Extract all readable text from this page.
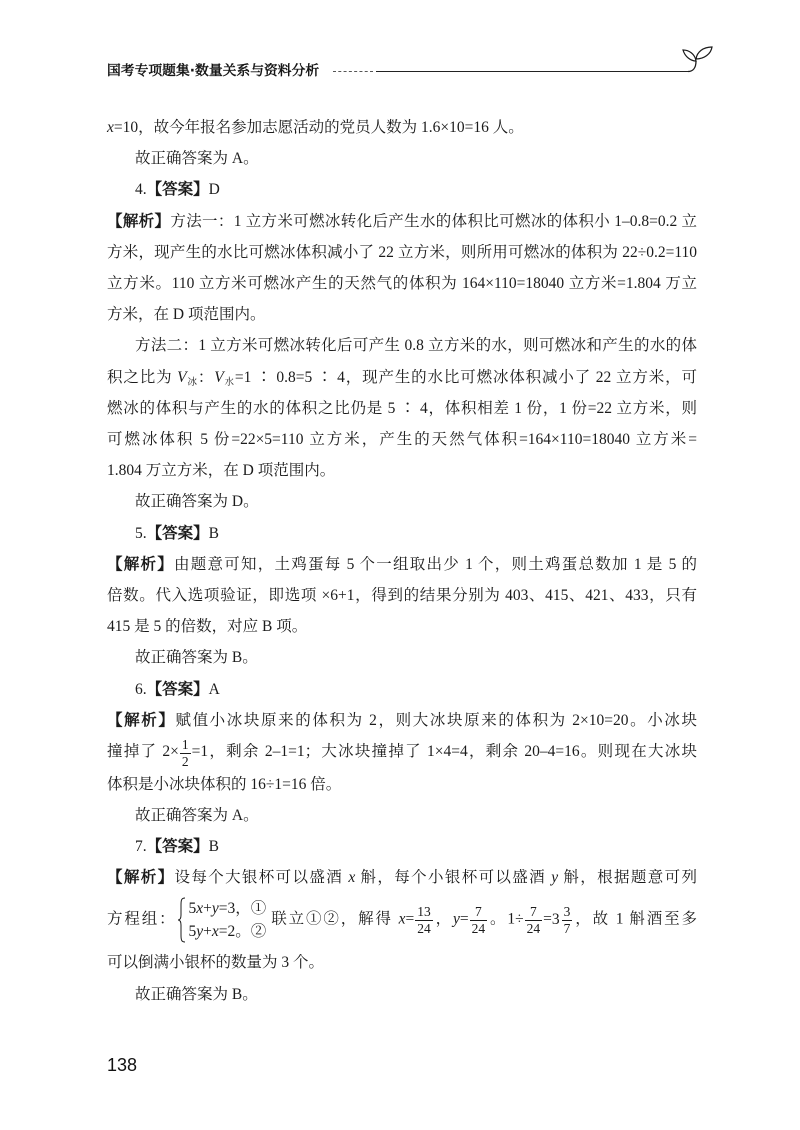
国考专项题集·数量关系与资料分析
x=10，故今年报名参加志愿活动的党员人数为 1.6×10=16 人。
故正确答案为 A。
4.【答案】D
【解析】方法一：1 立方米可燃冰转化后产生水的体积比可燃冰的体积小 1–0.8=0.2 立
方米，现产生的水比可燃冰体积减小了 22 立方米，则所用可燃冰的体积为 22÷0.2=110
立方米。110 立方米可燃冰产生的天然气的体积为 164×110=18040 立方米=1.804 万立
方米，在 D 项范围内。
方法二：1 立方米可燃冰转化后可产生 0.8 立方米的水，则可燃冰和产生的水的体
积之比为 $V_冰$：$V_水=1$ ∶ 0.8=5 ∶ 4，现产生的水比可燃冰体积减小了 22 立方米，可
燃冰的体积与产生的水的体积之比仍是 5 ∶ 4，体积相差 1 份，1 份=22 立方米，则
可燃冰体积 5 份=22×5=110 立方米，产生的天然气体积=164×110=18040 立方米=
1.804 万立方米，在 D 项范围内。
故正确答案为 D。
5.【答案】B
【解析】由题意可知，土鸡蛋每 5 个一组取出少 1 个，则土鸡蛋总数加 1 是 5 的
倍数。代入选项验证，即选项 ×6+1，得到的结果分别为 403、415、421、433，只有
415 是 5 的倍数，对应 B 项。
故正确答案为 B。
6.【答案】A
【解析】赋值小冰块原来的体积为 2，则大冰块原来的体积为 2×10=20。小冰块
撞掉了 $2\times \frac{1}{2} =1$，剩余 2–1=1；大冰块撞掉了 1×4=4，剩余 20–4=16。则现在大冰块
体积是小冰块体积的 16÷1=16 倍。
故正确答案为 A。
7.【答案】B
【解析】设每个大银杯可以盛酒 x 斛，每个小银杯可以盛酒 y 斛，根据题意可列
方程组：
5x+y=3，①
5y+x=2。②
联立①②，解得 $x= \frac{13}{24}$ ，$y= \frac{7}{24}$ 。$1\div \frac{7}{24} =3 \frac{3}{7}$ ，故 1 斛酒至多
可以倒满小银杯的数量为 3 个。
故正确答案为 B。
138
